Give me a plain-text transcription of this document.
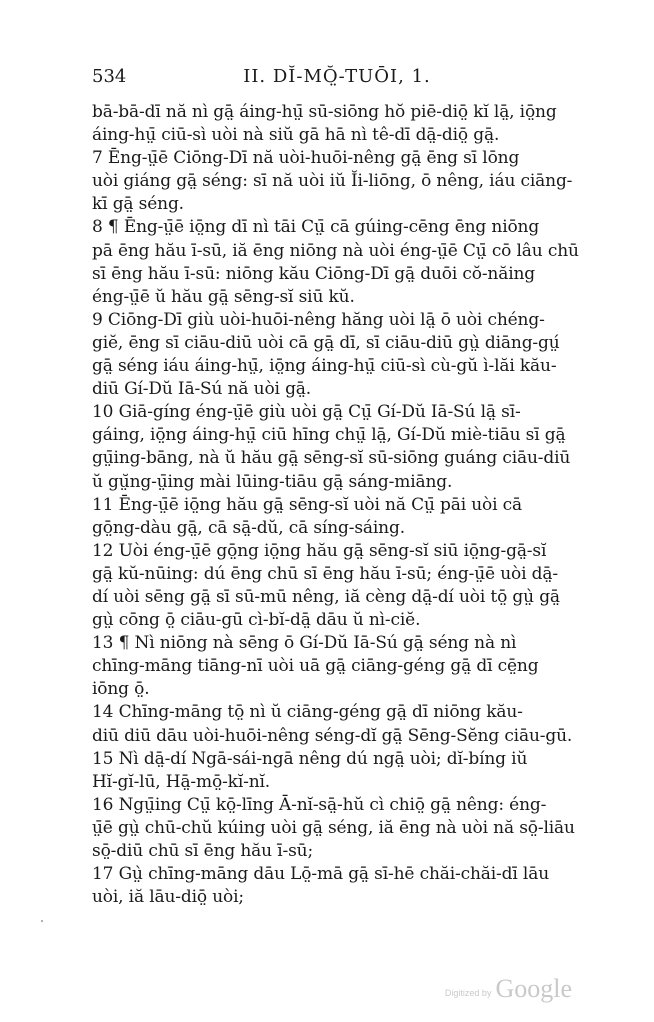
534	II. DĬ-MŎ̤-TUŌI, 1.
bā-bā-dī nă nì gā̤ áing-hṳ̄ sū-siōng hŏ piē-diō̤ kĭ lā̤, iō̤ng
áing-hṳ̄ ciū-sì uòi nà siŭ gā hā nì tê-dī dā̤-diō̤ gā̤.
7 Ēng-ṳ̄ē Ciōng-Dī nă uòi-huōi-nêng gā̤ ēng sī lōng
uòi giáng gā̤ séng: sī nă uòi iŭ Ĭi-liōng, ō nêng, iáu ciāng-
kī gā̤ séng.
8 ¶ Ēng-ṳ̄ē iō̤ng dī nì tāi Cṳ̄ cā gúing-cēng ēng niōng
pā ēng hău ī-sū, iă ēng niōng nà uòi éng-ṳ̄ē Cṳ̄ cō lâu chū
sī ēng hău ī-sū: niōng kău Ciōng-Dī gā̤ duōi cŏ-năing
éng-ṳ̄ē ŭ hău gā̤ sēng-sĭ siū kŭ.
9 Ciōng-Dī giù uòi-huōi-nêng hăng uòi lā̤ ō uòi chéng-
giĕ, ēng sī ciāu-diū uòi cā gā̤ dī, sī ciāu-diū gṳ̀ diāng-gṳ́
gā̤ séng iáu áing-hṳ̄, iō̤ng áing-hṳ̄ ciū-sì cù-gŭ ì-lăi kău-
diū Gí-Dŭ Iā-Sú nă uòi gā̤.
10 Giā-gíng éng-ṳ̄ē giù uòi gā̤ Cṳ̄ Gí-Dŭ Iā-Sú lā̤ sī-
gáing, iō̤ng áing-hṳ̄ ciū hīng chṳ̄ lā̤, Gí-Dŭ miè-tiāu sī gā̤
gṳ̄ing-bāng, nà ŭ hău gā̤ sēng-sĭ sū-siōng guáng ciāu-diū
ŭ gṳ̆ng-ṳ̄ing mài lūing-tiāu gā̤ sáng-miāng.
11 Ēng-ṳ̄ē iō̤ng hău gā̤ sēng-sĭ uòi nă Cṳ̄ pāi uòi cā
gō̤ng-dàu gā̤, cā sā̤-dŭ, cā síng-sáing.
12 Uòi éng-ṳ̄ē gō̤ng iō̤ng hău gā̤ sēng-sĭ siū iō̤ng-gā̤-sĭ
gā̤ kŭ-nūing: dú ēng chū sī ēng hău ī-sū; éng-ṳ̄ē uòi dā̤-
dí uòi sēng gā̤ sī sū-mū nêng, iă cèng dā̤-dí uòi tō̤ gṳ̀ gā̤
gṳ̀ cōng ō̤ ciāu-gū cì-bĭ-dā̤ dāu ŭ nì-ciĕ.
13 ¶ Nì niōng nà sēng ō Gí-Dŭ Iā-Sú gā̤ séng nà nì
chīng-māng tiāng-nī uòi uā gā̤ ciāng-géng gā̤ dī cē̤ng
iōng ō̤.
14 Chīng-māng tō̤ nì ŭ ciāng-géng gā̤ dī niōng kău-
diū diū dāu uòi-huōi-nêng séng-dĭ gā̤ Sēng-Sĕng ciāu-gū.
15 Nì dā̤-dí Ngā-sái-ngā nêng dú ngā̤ uòi; dĭ-bíng iŭ
Hĭ-gĭ-lū, Hā̤-mō̤-kĭ-nĭ.
16 Ngṳ̄ing Cṳ̄ kō̤-līng Ā-nĭ-sā̤-hŭ cì chiō̤ gā̤ nêng: éng-
ṳ̄ē gṳ̀ chū-chŭ kúing uòi gā̤ séng, iă ēng nà uòi nă sō̤-liāu
sō̤-diū chū sī ēng hău ī-sū;
17 Gṳ̀ chīng-māng dāu Lō̤-mā gā̤ sī-hē chăi-chăi-dī lāu
uòi, iă lāu-diō̤ uòi;
Digitized by Google
